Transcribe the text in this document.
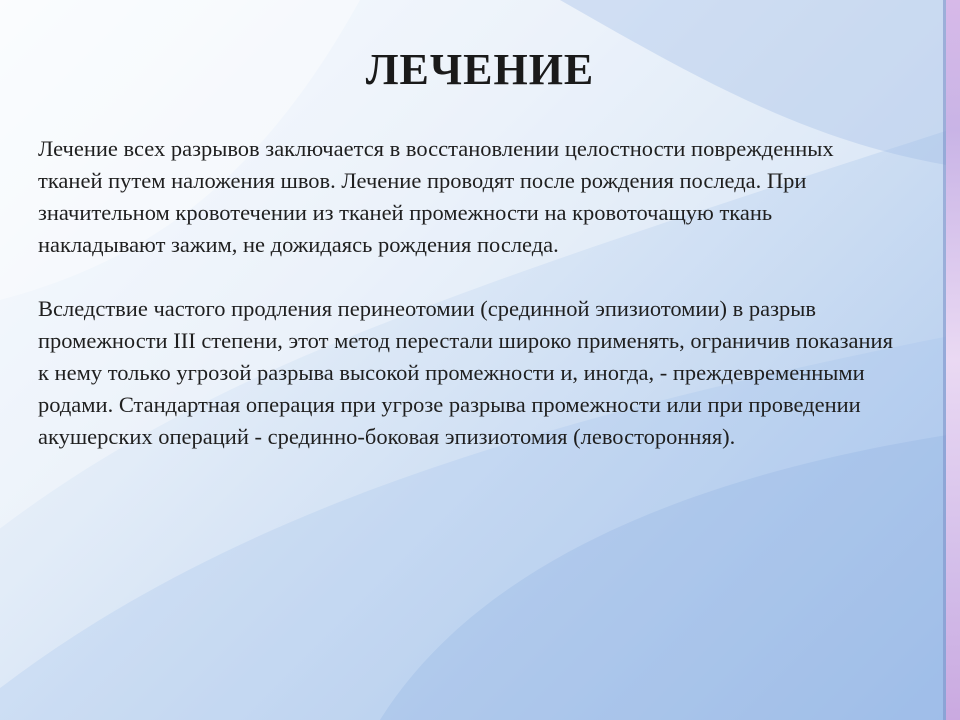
ЛЕЧЕНИЕ

Лечение всех разрывов заключается в восстановлении целостности поврежденных тканей путем наложения швов. Лечение проводят после рождения последа. При значительном кровотечении из тканей промежности на кровоточащую ткань накладывают зажим, не дожидаясь рождения последа.

Вследствие частого продления перинеотомии (срединной эпизиотомии) в разрыв промежности III степени, этот метод перестали широко применять, ограничив показания к нему только угрозой разрыва высокой промежности и, иногда, - преждевременными родами. Стандартная операция при угрозе разрыва промежности или при проведении акушерских операций - срединно-боковая эпизиотомия (левосторонняя).
